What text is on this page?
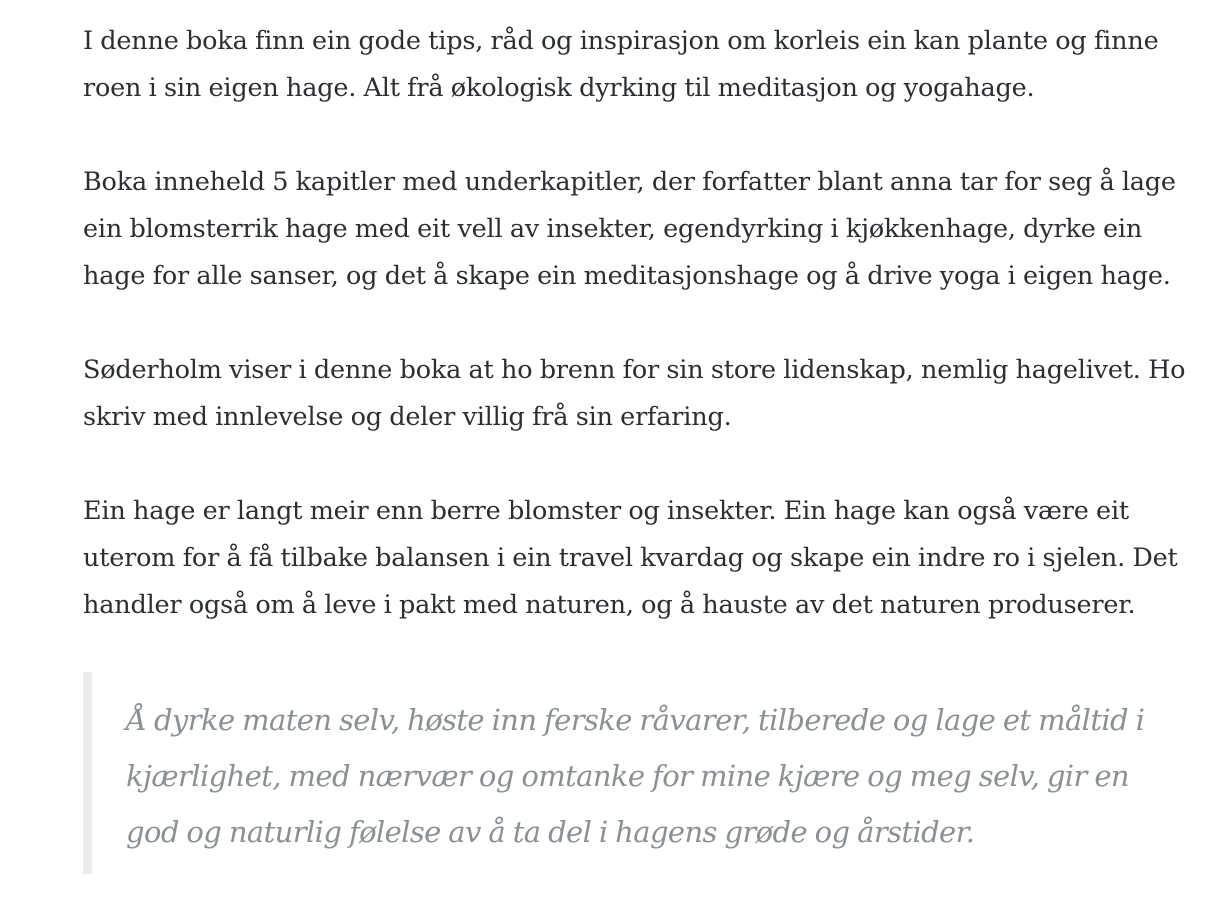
I denne boka finn ein gode tips, råd og inspirasjon om korleis ein kan plante og finne roen i sin eigen hage. Alt frå økologisk dyrking til meditasjon og yogahage.

Boka inneheld 5 kapitler med underkapitler, der forfatter blant anna tar for seg å lage ein blomsterrik hage med eit vell av insekter, egendyrking i kjøkkenhage, dyrke ein hage for alle sanser, og det å skape ein meditasjonshage og å drive yoga i eigen hage.

Søderholm viser i denne boka at ho brenn for sin store lidenskap, nemlig hagelivet. Ho skriv med innlevelse og deler villig frå sin erfaring.

Ein hage er langt meir enn berre blomster og insekter. Ein hage kan også være eit uterom for å få tilbake balansen i ein travel kvardag og skape ein indre ro i sjelen. Det handler også om å leve i pakt med naturen, og å hauste av det naturen produserer.

Å dyrke maten selv, høste inn ferske råvarer, tilberede og lage et måltid i kjærlighet, med nærvær og omtanke for mine kjære og meg selv, gir en god og naturlig følelse av å ta del i hagens grøde og årstider.
